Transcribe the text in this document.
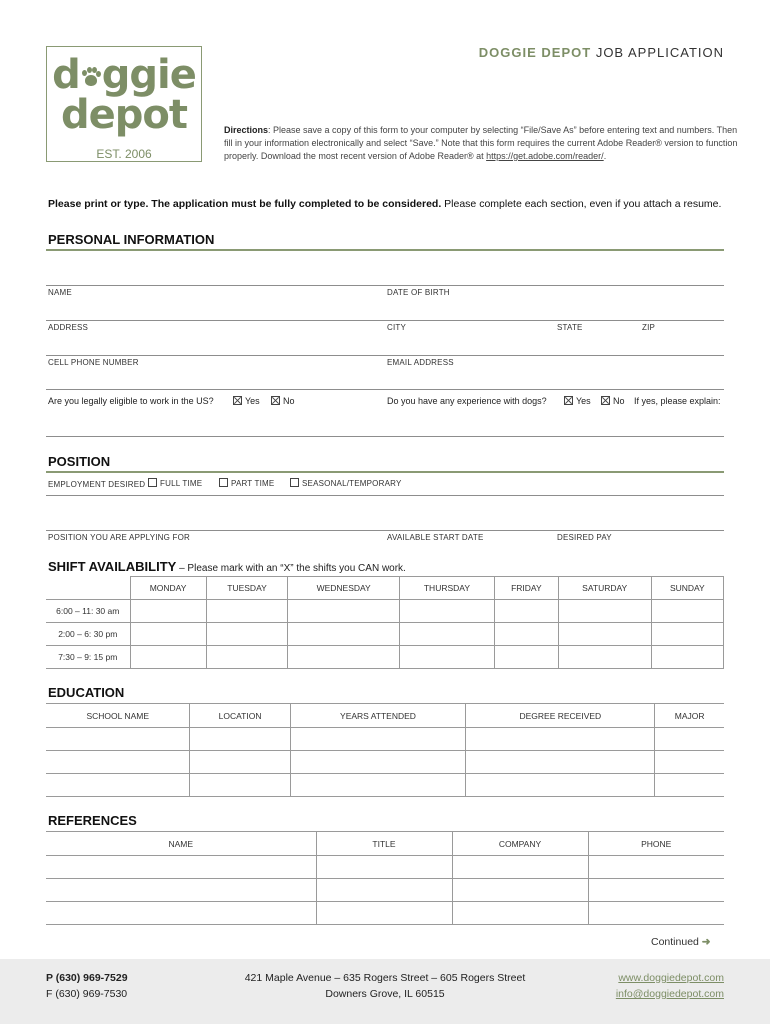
d ggie
depot
EST. 2006
DOGGIE DEPOT JOB APPLICATION
Directions: Please save a copy of this form to your computer by selecting “File/Save As” before entering text and numbers. Then fill in your information electronically and select “Save.” Note that this form requires the current Adobe Reader® version to function properly. Download the most recent version of Adobe Reader® at https://get.adobe.com/reader/.
Please print or type. The application must be fully completed to be considered. Please complete each section, even if you attach a resume.
PERSONAL INFORMATION
NAME	DATE OF BIRTH
ADDRESS	CITY	STATE	ZIP
CELL PHONE NUMBER	EMAIL ADDRESS
Are you legally eligible to work in the US?	Yes	No	Do you have any experience with dogs?	Yes	No If yes, please explain:
POSITION
EMPLOYMENT DESIRED	FULL TIME	PART TIME	SEASONAL/TEMPORARY
POSITION YOU ARE APPLYING FOR	AVAILABLE START DATE	DESIRED PAY
SHIFT AVAILABILITY – Please mark with an “X” the shifts you CAN work.
	MONDAY	TUESDAY	WEDNESDAY	THURSDAY	FRIDAY	SATURDAY	SUNDAY
6:00 – 11: 30 am							
2:00 – 6: 30 pm							
7:30 – 9: 15 pm							
EDUCATION
SCHOOL NAME	LOCATION	YEARS ATTENDED	DEGREE RECEIVED	MAJOR

REFERENCES
NAME	TITLE	COMPANY	PHONE

Continued ➜
P (630) 969-7529
F (630) 969-7530
421 Maple Avenue – 635 Rogers Street – 605 Rogers Street
Downers Grove, IL 60515
www.doggiedepot.com
info@doggiedepot.com
